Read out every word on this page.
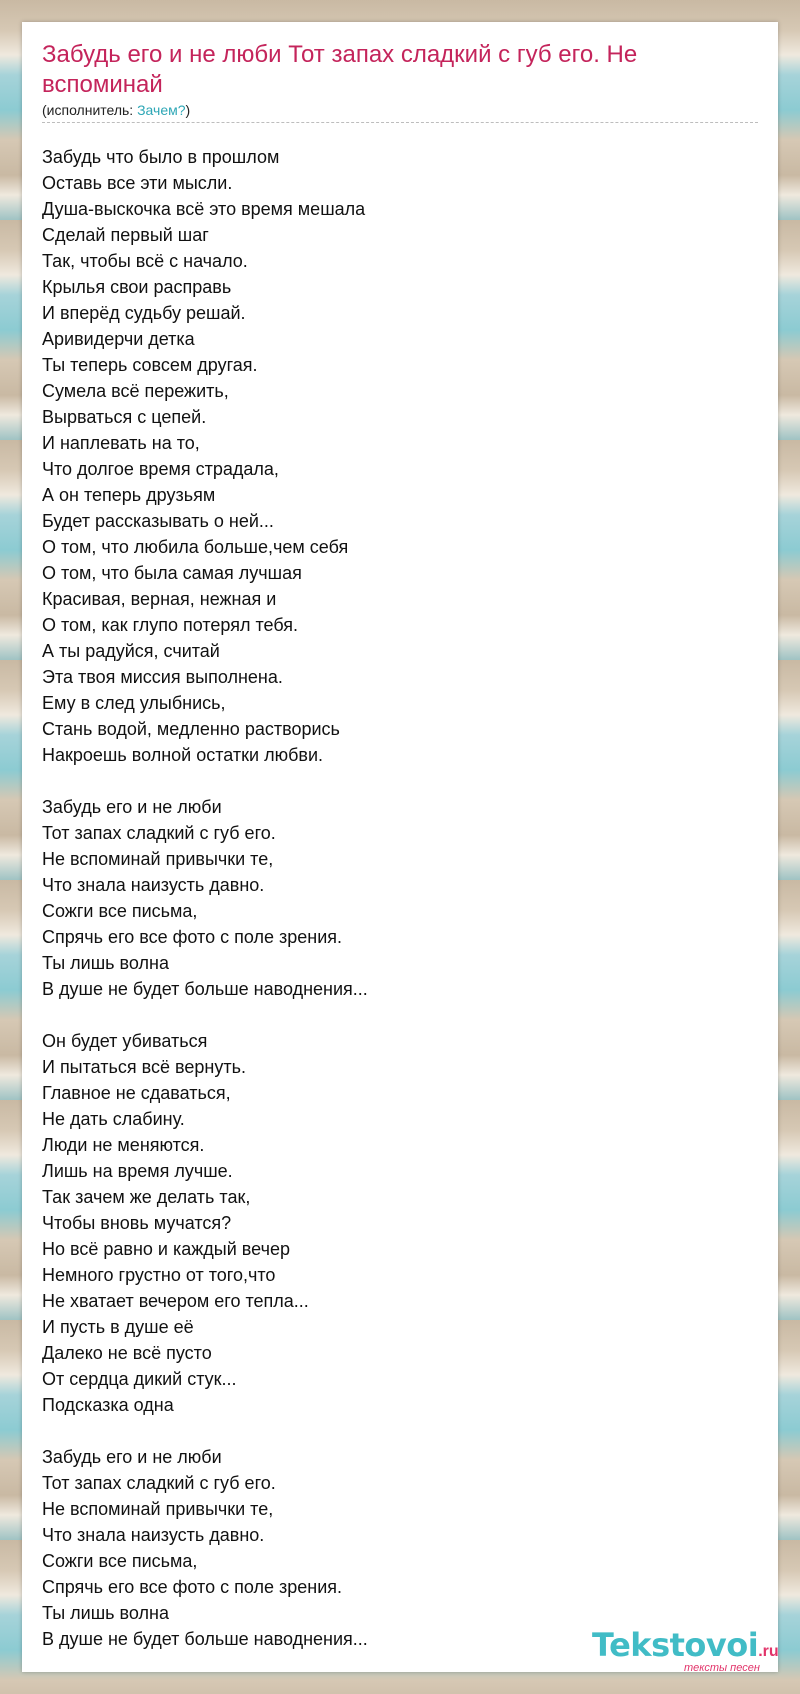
Забудь его и не люби Тот запах сладкий с губ его. Не вспоминай
(исполнитель: Зачем?)
Забудь что было в прошлом
Оставь все эти мысли.
Душа-выскочка всё это время мешала
Сделай первый шаг
Так, чтобы всё с начало.
Крылья свои расправь
И вперёд судьбу решай.
Аривидерчи детка
Ты теперь совсем другая.
Сумела всё пережить,
Вырваться с цепей.
И наплевать на то,
Что долгое время страдала,
А он теперь друзьям
Будет рассказывать о ней...
О том, что любила больше,чем себя
О том, что была самая лучшая
Красивая, верная, нежная и
О том, как глупо потерял тебя.
А ты радуйся, считай
Эта твоя миссия выполнена.
Ему в след улыбнись,
Стань водой, медленно растворись
Накроешь волной остатки любви.
Забудь его и не люби
Тот запах сладкий с губ его.
Не вспоминай привычки те,
Что знала наизусть давно.
Сожги все письма,
Спрячь его все фото с поле зрения.
Ты лишь волна
В душе не будет больше наводнения...
Он будет убиваться
И пытаться всё вернуть.
Главное не сдаваться,
Не дать слабину.
Люди не меняются.
Лишь на время лучше.
Так зачем же делать так,
Чтобы вновь мучатся?
Но всё равно и каждый вечер
Немного грустно от того,что
Не хватает вечером его тепла...
И пусть в душе её
Далеко не всё пусто
От сердца дикий стук...
Подсказка одна
Забудь его и не люби
Тот запах сладкий с губ его.
Не вспоминай привычки те,
Что знала наизусть давно.
Сожги все письма,
Спрячь его все фото с поле зрения.
Ты лишь волна
В душе не будет больше наводнения...	Tekstovoi.ru
тексты песен
